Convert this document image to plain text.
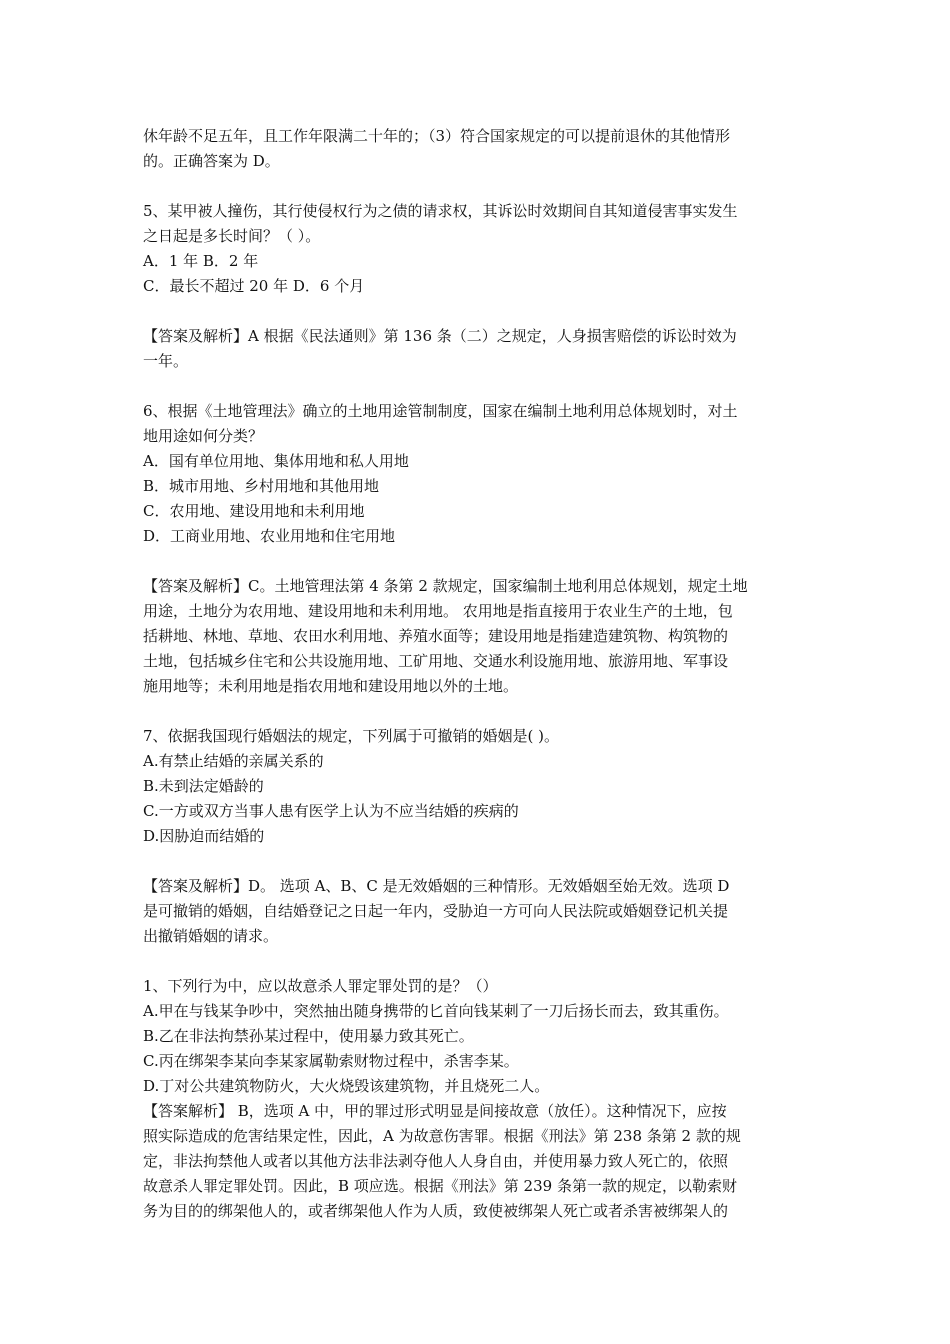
休年龄不足五年，且工作年限满二十年的；（3）符合国家规定的可以提前退休的其他情形

的。正确答案为 D。

5、某甲被人撞伤，其行使侵权行为之债的请求权，其诉讼时效期间自其知道侵害事实发生

之日起是多长时间？（ ）。

A．1 年 B．2 年

C．最长不超过 20 年 D．6 个月

【答案及解析】A 根据《民法通则》第 136 条（二）之规定，人身损害赔偿的诉讼时效为

一年。

6、根据《土地管理法》确立的土地用途管制制度，国家在编制土地利用总体规划时，对土

地用途如何分类？

A．国有单位用地、集体用地和私人用地

B．城市用地、乡村用地和其他用地

C．农用地、建设用地和未利用地

D．工商业用地、农业用地和住宅用地

【答案及解析】C。土地管理法第 4 条第 2 款规定，国家编制土地利用总体规划，规定土地

用途，土地分为农用地、建设用地和未利用地。 农用地是指直接用于农业生产的土地，包

括耕地、林地、草地、农田水利用地、养殖水面等；建设用地是指建造建筑物、构筑物的

土地，包括城乡住宅和公共设施用地、工矿用地、交通水利设施用地、旅游用地、军事设

施用地等；未利用地是指农用地和建设用地以外的土地。

7、依据我国现行婚姻法的规定，下列属于可撤销的婚姻是( )。

A.有禁止结婚的亲属关系的

B.未到法定婚龄的

C.一方或双方当事人患有医学上认为不应当结婚的疾病的

D.因胁迫而结婚的

【答案及解析】D。 选项 A、B、C 是无效婚姻的三种情形。无效婚姻至始无效。选项 D

是可撤销的婚姻，自结婚登记之日起一年内，受胁迫一方可向人民法院或婚姻登记机关提

出撤销婚姻的请求。

1、下列行为中，应以故意杀人罪定罪处罚的是？（）

A.甲在与钱某争吵中，突然抽出随身携带的匕首向钱某刺了一刀后扬长而去，致其重伤。

B.乙在非法拘禁孙某过程中，使用暴力致其死亡。

C.丙在绑架李某向李某家属勒索财物过程中，杀害李某。

D.丁对公共建筑物防火，大火烧毁该建筑物，并且烧死二人。

【答案解析】 B，选项 A 中，甲的罪过形式明显是间接故意（放任）。这种情况下，应按

照实际造成的危害结果定性，因此，A 为故意伤害罪。根据《刑法》第 238 条第 2 款的规

定，非法拘禁他人或者以其他方法非法剥夺他人人身自由，并使用暴力致人死亡的，依照

故意杀人罪定罪处罚。因此，B 项应选。根据《刑法》第 239 条第一款的规定，以勒索财

务为目的的绑架他人的，或者绑架他人作为人质，致使被绑架人死亡或者杀害被绑架人的
